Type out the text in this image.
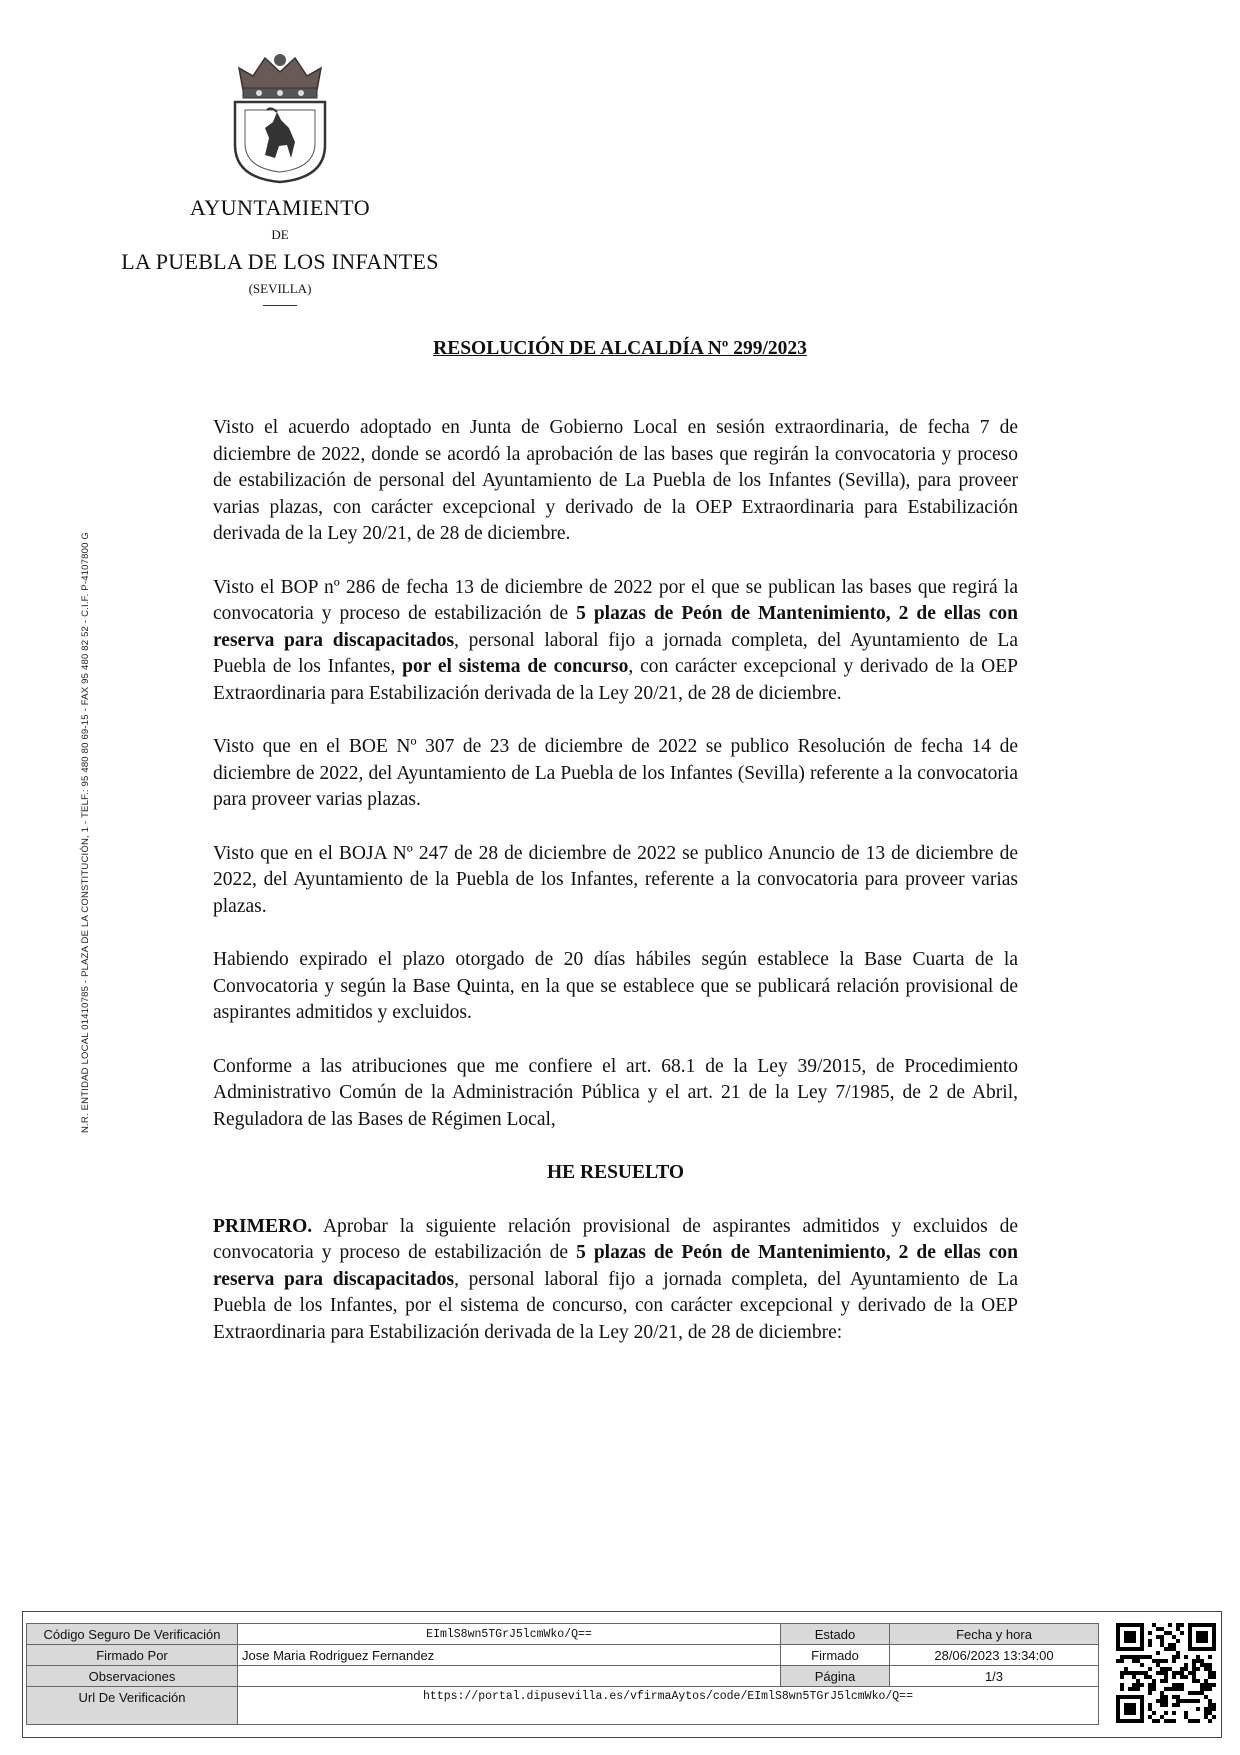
AYUNTAMIENTO
DE
LA PUEBLA DE LOS INFANTES
(SEVILLA)
N.R. ENTIDAD LOCAL 01410785 - PLAZA DE LA CONSTITUCIÓN, 1 - TELF.: 95 480 80 69-15 - FAX 95 480 82 52 - C.I.F. P-4107800 G
RESOLUCIÓN DE ALCALDÍA Nº 299/2023

Visto el acuerdo adoptado en Junta de Gobierno Local en sesión extraordinaria, de fecha 7 de diciembre de 2022, donde se acordó la aprobación de las bases que regirán la convocatoria y proceso de estabilización de personal del Ayuntamiento de La Puebla de los Infantes (Sevilla), para proveer varias plazas, con carácter excepcional y derivado de la OEP Extraordinaria para Estabilización derivada de la Ley 20/21, de 28 de diciembre.

Visto el BOP nº 286 de fecha 13 de diciembre de 2022 por el que se publican las bases que regirá la convocatoria y proceso de estabilización de 5 plazas de Peón de Mantenimiento, 2 de ellas con reserva para discapacitados, personal laboral fijo a jornada completa, del Ayuntamiento de La Puebla de los Infantes, por el sistema de concurso, con carácter excepcional y derivado de la OEP Extraordinaria para Estabilización derivada de la Ley 20/21, de 28 de diciembre.

Visto que en el BOE Nº 307 de 23 de diciembre de 2022 se publico Resolución de fecha 14 de diciembre de 2022, del Ayuntamiento de La Puebla de los Infantes (Sevilla) referente a la convocatoria para proveer varias plazas.

Visto que en el BOJA Nº 247 de 28 de diciembre de 2022 se publico Anuncio de 13 de diciembre de 2022, del Ayuntamiento de la Puebla de los Infantes, referente a la convocatoria para proveer varias plazas.

Habiendo expirado el plazo otorgado de 20 días hábiles según establece la Base Cuarta de la Convocatoria y según la Base Quinta, en la que se establece que se publicará relación provisional de aspirantes admitidos y excluidos.

Conforme a las atribuciones que me confiere el art. 68.1 de la Ley 39/2015, de Procedimiento Administrativo Común de la Administración Pública y el art. 21 de la Ley 7/1985, de 2 de Abril, Reguladora de las Bases de Régimen Local,

HE RESUELTO

PRIMERO. Aprobar la siguiente relación provisional de aspirantes admitidos y excluidos de convocatoria y proceso de estabilización de 5 plazas de Peón de Mantenimiento, 2 de ellas con reserva para discapacitados, personal laboral fijo a jornada completa, del Ayuntamiento de La Puebla de los Infantes, por el sistema de concurso, con carácter excepcional y derivado de la OEP Extraordinaria para Estabilización derivada de la Ley 20/21, de 28 de diciembre:

Código Seguro De Verificación	EImlS8wn5TGrJ5lcmWko/Q==	Estado	Fecha y hora
Firmado Por	Jose Maria Rodriguez Fernandez	Firmado	28/06/2023 13:34:00
Observaciones		Página	1/3
Url De Verificación	https://portal.dipusevilla.es/vfirmaAytos/code/EImlS8wn5TGrJ5lcmWko/Q==		
